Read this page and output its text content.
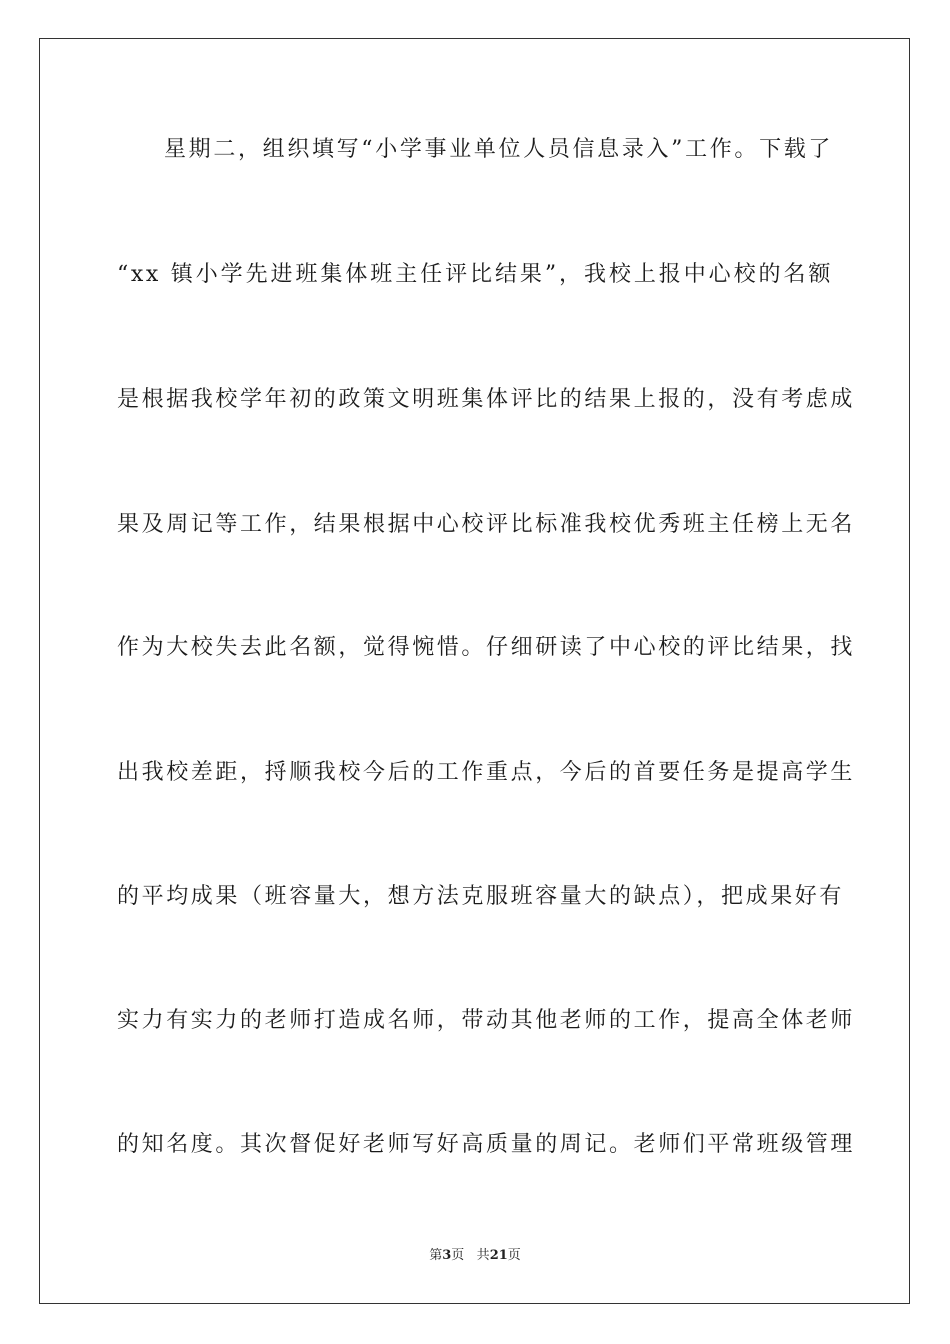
星期二，组织填写“小学事业单位人员信息录入”工作。下载了
“xx 镇小学先进班集体班主任评比结果”，我校上报中心校的名额
是根据我校学年初的政策文明班集体评比的结果上报的，没有考虑成
果及周记等工作，结果根据中心校评比标准我校优秀班主任榜上无名
作为大校失去此名额，觉得惋惜。仔细研读了中心校的评比结果，找
出我校差距，捋顺我校今后的工作重点，今后的首要任务是提高学生
的平均成果（班容量大，想方法克服班容量大的缺点），把成果好有
实力有实力的老师打造成名师，带动其他老师的工作，提高全体老师
的知名度。其次督促好老师写好高质量的周记。老师们平常班级管理
第3页 共21页
